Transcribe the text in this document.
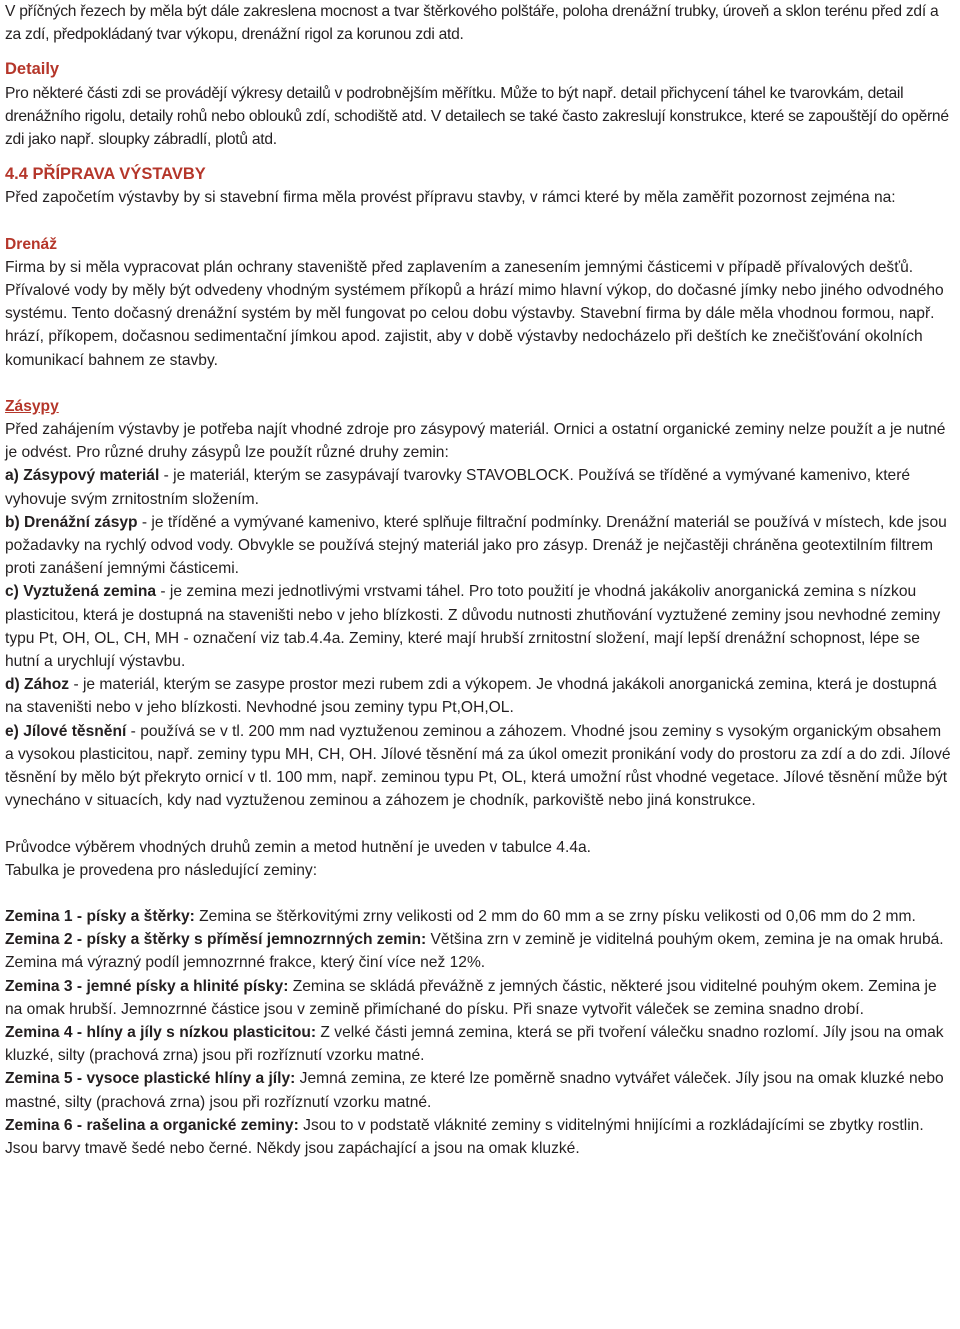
V příčných řezech by měla být dále zakreslena mocnost a tvar štěrkového polštáře, poloha drenážní trubky, úroveň a sklon terénu před zdí a za zdí, předpokládaný tvar výkopu, drenážní rigol za korunou zdi atd.

Detaily

Pro některé části zdi se provádějí výkresy detailů v podrobnějším měřítku. Může to být např. detail přichycení táhel ke tvarovkám, detail drenážního rigolu, detaily rohů nebo oblouků zdí, schodiště atd. V detailech se také často zakreslují konstrukce, které se zapouštějí do opěrné zdi jako např. sloupky zábradlí, plotů atd.

4.4 PŘÍPRAVA VÝSTAVBY

Před započetím výstavby by si stavební firma měla provést přípravu stavby, v rámci které by měla zaměřit pozornost zejména na:

Drenáž

Firma by si měla vypracovat plán ochrany staveniště před zaplavením a zanesením jemnými částicemi v případě přívalových dešťů. Přívalové vody by měly být odvedeny vhodným systémem příkopů a hrází mimo hlavní výkop, do dočasné jímky nebo jiného odvodného systému. Tento dočasný drenážní systém by měl fungovat po celou dobu výstavby. Stavební firma by dále měla vhodnou formou, např. hrází, příkopem, dočasnou sedimentační jímkou apod. zajistit, aby v době výstavby nedocházelo při deštích ke znečišťování okolních komunikací bahnem ze stavby.

Zásypy

Před zahájením výstavby je potřeba najít vhodné zdroje pro zásypový materiál. Ornici a ostatní organické zeminy nelze použít a je nutné je odvést. Pro různé druhy zásypů lze použít různé druhy zemin:

a) Zásypový materiál - je materiál, kterým se zasypávají tvarovky STAVOBLOCK. Používá se tříděné a vymývané kamenivo, které vyhovuje svým zrnitostním složením.

b) Drenážní zásyp - je tříděné a vymývané kamenivo, které splňuje filtrační podmínky. Drenážní materiál se používá v místech, kde jsou požadavky na rychlý odvod vody. Obvykle se používá stejný materiál jako pro zásyp. Drenáž je nejčastěji chráněna geotextilním filtrem proti zanášení jemnými částicemi.

c) Vyztužená zemina - je zemina mezi jednotlivými vrstvami táhel. Pro toto použití je vhodná jakákoliv anorganická zemina s nízkou plasticitou, která je dostupná na staveništi nebo v jeho blízkosti. Z důvodu nutnosti zhutňování vyztužené zeminy jsou nevhodné zeminy typu Pt, OH, OL, CH, MH - označení viz tab.4.4a. Zeminy, které mají hrubší zrnitostní složení, mají lepší drenážní schopnost, lépe se hutní a urychlují výstavbu.

d) Zához - je materiál, kterým se zasype prostor mezi rubem zdi a výkopem. Je vhodná jakákoli anorganická zemina, která je dostupná na staveništi nebo v jeho blízkosti. Nevhodné jsou zeminy typu Pt,OH,OL.

e) Jílové těsnění - používá se v tl. 200 mm nad vyztuženou zeminou a záhozem. Vhodné jsou zeminy s vysokým organickým obsahem a vysokou plasticitou, např. zeminy typu MH, CH, OH. Jílové těsnění má za úkol omezit pronikání vody do prostoru za zdí a do zdi. Jílové těsnění by mělo být překryto ornicí v tl. 100 mm, např. zeminou typu Pt, OL, která umožní růst vhodné vegetace. Jílové těsnění může být vynecháno v situacích, kdy nad vyztuženou zeminou a záhozem je chodník, parkoviště nebo jiná konstrukce.

Průvodce výběrem vhodných druhů zemin a metod hutnění je uveden v tabulce 4.4a.

Tabulka je provedena pro následující zeminy:

Zemina 1 - písky a štěrky: Zemina se štěrkovitými zrny velikosti od 2 mm do 60 mm a se zrny písku velikosti od 0,06 mm do 2 mm.

Zemina 2 - písky a štěrky s příměsí jemnozrnných zemin: Většina zrn v zemině je viditelná pouhým okem, zemina je na omak hrubá. Zemina má výrazný podíl jemnozrnné frakce, který činí více než 12%.

Zemina 3 - jemné písky a hlinité písky: Zemina se skládá převážně z jemných částic, některé jsou viditelné pouhým okem. Zemina je na omak hrubší. Jemnozrnné částice jsou v zemině přimíchané do písku. Při snaze vytvořit váleček se zemina snadno drobí.

Zemina 4 - hlíny a jíly s nízkou plasticitou: Z velké části jemná zemina, která se při tvoření válečku snadno rozlomí. Jíly jsou na omak kluzké, silty (prachová zrna) jsou při rozříznutí vzorku matné.

Zemina 5 - vysoce plastické hlíny a jíly: Jemná zemina, ze které lze poměrně snadno vytvářet váleček. Jíly jsou na omak kluzké nebo mastné, silty (prachová zrna) jsou při rozříznutí vzorku matné.

Zemina 6 - rašelina a organické zeminy: Jsou to v podstatě vláknité zeminy s viditelnými hnijícími a rozkládajícími se zbytky rostlin. Jsou barvy tmavě šedé nebo černé. Někdy jsou zapáchající a jsou na omak kluzké.
